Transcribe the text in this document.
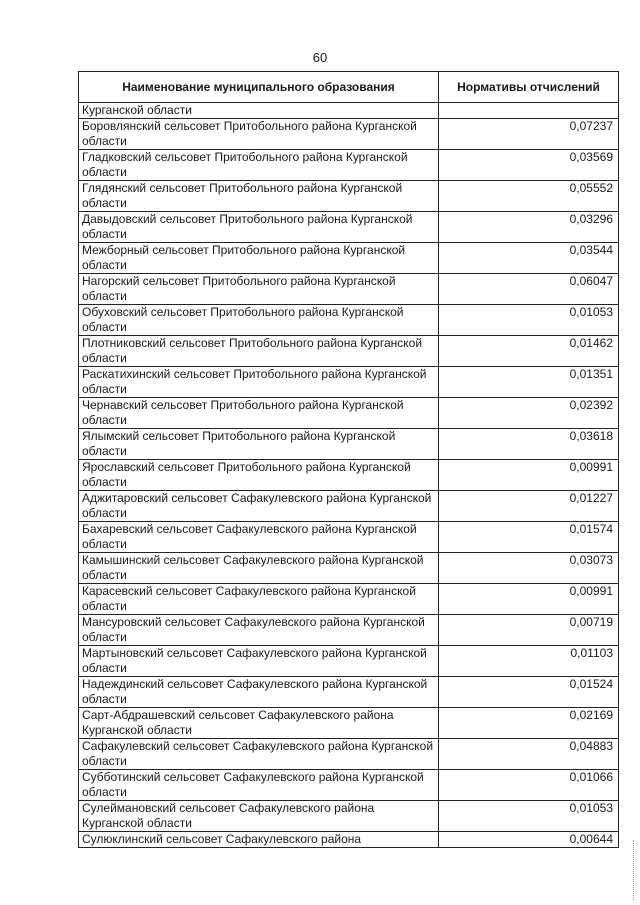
60
Наименование муниципального образования	Нормативы отчислений
Курганской области	
Боровлянский сельсовет Притобольного района Курганской области	0,07237
Гладковский сельсовет Притобольного района Курганской области	0,03569
Глядянский сельсовет Притобольного района Курганской области	0,05552
Давыдовский сельсовет Притобольного района Курганской области	0,03296
Межборный сельсовет Притобольного района Курганской области	0,03544
Нагорский сельсовет Притобольного района Курганской области	0,06047
Обуховский сельсовет Притобольного района Курганской области	0,01053
Плотниковский сельсовет Притобольного района Курганской области	0,01462
Раскатихинский сельсовет Притобольного района Курганской области	0,01351
Чернавский сельсовет Притобольного района Курганской области	0,02392
Ялымский сельсовет Притобольного района Курганской области	0,03618
Ярославский сельсовет Притобольного района Курганской области	0,00991
Аджитаровский сельсовет Сафакулевского района Курганской области	0,01227
Бахаревский сельсовет Сафакулевского района Курганской области	0,01574
Камышинский сельсовет Сафакулевского района Курганской области	0,03073
Карасевский сельсовет Сафакулевского района Курганской области	0,00991
Мансуровский сельсовет Сафакулевского района Курганской области	0,00719
Мартыновский сельсовет Сафакулевского района Курганской области	0,01103
Надеждинский сельсовет Сафакулевского района Курганской области	0,01524
Сарт-Абдрашевский сельсовет Сафакулевского района Курганской области	0,02169
Сафакулевский сельсовет Сафакулевского района Курганской области	0,04883
Субботинский сельсовет Сафакулевского района Курганской области	0,01066
Сулеймановский сельсовет Сафакулевского района Курганской области	0,01053
Сулюклинский сельсовет Сафакулевского района	0,00644
